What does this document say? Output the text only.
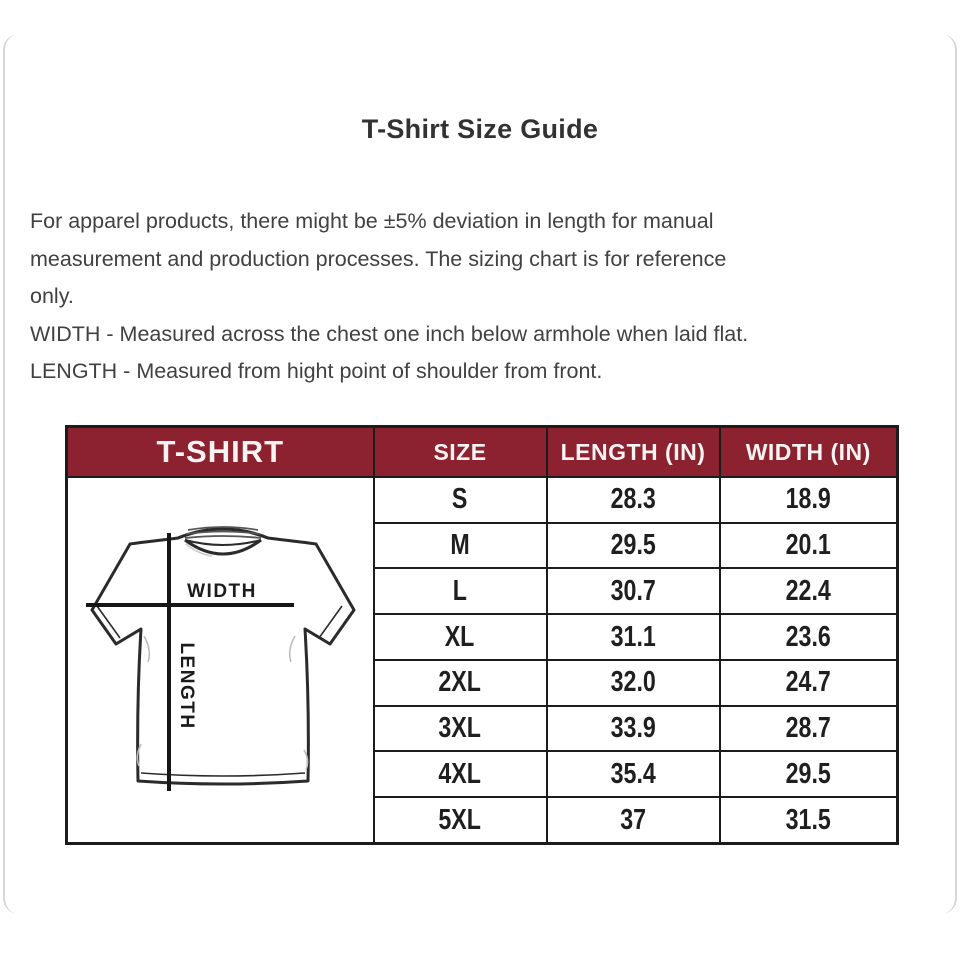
T-Shirt Size Guide

For apparel products, there might be ±5% deviation in length for manual

measurement and production processes. The sizing chart is for reference

only.

WIDTH - Measured across the chest one inch below armhole when laid flat.

LENGTH - Measured from hight point of shoulder from front.

T-SHIRT	SIZE	LENGTH (IN)	WIDTH (IN)

WIDTH
LENGTH	S	28.3	18.9
	M	29.5	20.1
	L	30.7	22.4
	XL	31.1	23.6
	2XL	32.0	24.7
	3XL	33.9	28.7
	4XL	35.4	29.5
	5XL	37	31.5
